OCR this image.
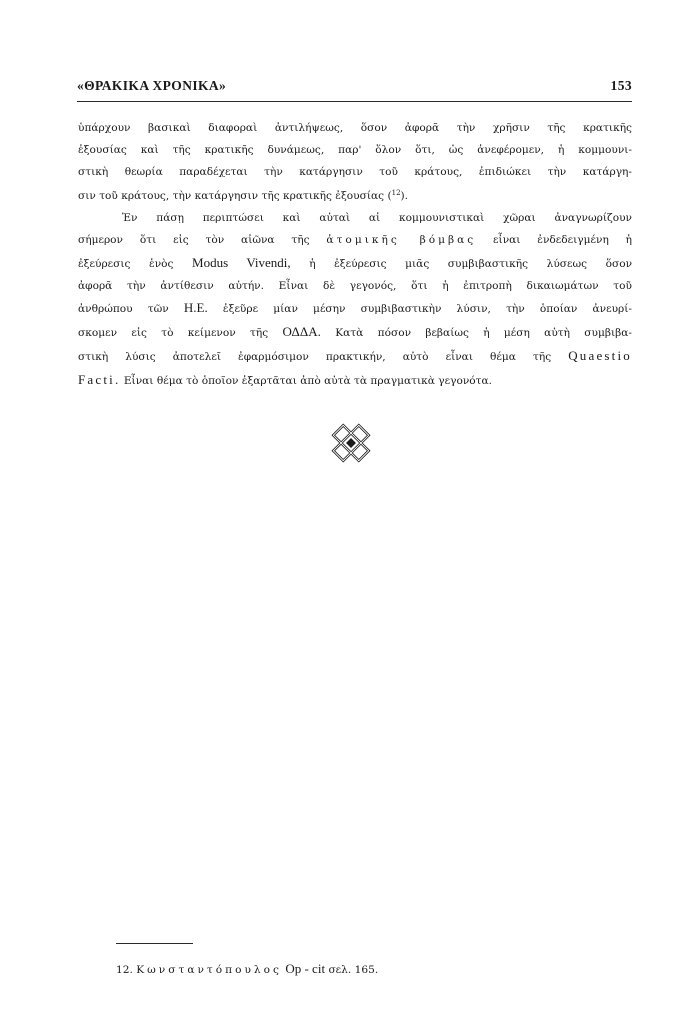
«ΘΡΑΚΙΚΑ ΧΡΟΝΙΚΑ»	153
ὑπάρχουν βασικαὶ διαφοραὶ ἀντιλήψεως, ὅσον ἀφορᾶ τὴν χρῆσιν τῆς κρατικῆς
ἐξουσίας καὶ τῆς κρατικῆς δυνάμεως, παρ' ὅλον ὅτι, ὡς ἀνεφέρομεν, ἡ κομμουνι-
στικὴ θεωρία παραδέχεται τὴν κατάργησιν τοῦ κράτους, ἐπιδιώκει τὴν κατάργη-
σιν τοῦ κράτους, τὴν κατάργησιν τῆς κρατικῆς ἐξουσίας ($^{12}$).
Ἐν πάσῃ περιπτώσει καὶ αὐταὶ αἱ κομμουνιστικαὶ χῶραι ἀναγνωρίζουν
σήμερον ὅτι εἰς τὸν αἰῶνα τῆς ἀτομικῆς βόμβας εἶναι ἐνδεδειγμένη ἡ
ἐξεύρεσις ἑνὸς Modus Vivendi, ἡ ἐξεύρεσις μιᾶς συμβιβαστικῆς λύσεως ὅσον
ἀφορᾶ τὴν ἀντίθεσιν αὐτήν. Εἶναι δὲ γεγονός, ὅτι ἡ ἐπιτροπὴ δικαιωμάτων τοῦ
ἀνθρώπου τῶν Η.Ε. ἐξεῦρε μίαν μέσην συμβιβαστικὴν λύσιν, τὴν ὁποίαν ἀνευρί-
σκομεν εἰς τὸ κείμενον τῆς ΟΔΔΑ. Κατὰ πόσον βεβαίως ἡ μέση αὐτὴ συμβιβα-
στικὴ λύσις ἀποτελεῖ ἐφαρμόσιμον πρακτικήν, αὐτὸ εἶναι θέμα τῆς Quaestio
Facti. Εἶναι θέμα τὸ ὁποῖον ἐξαρτᾶται ἀπὸ αὐτὰ τὰ πραγματικὰ γεγονότα.
12. Κωνσταντόπουλος Op - cit σελ. 165.
